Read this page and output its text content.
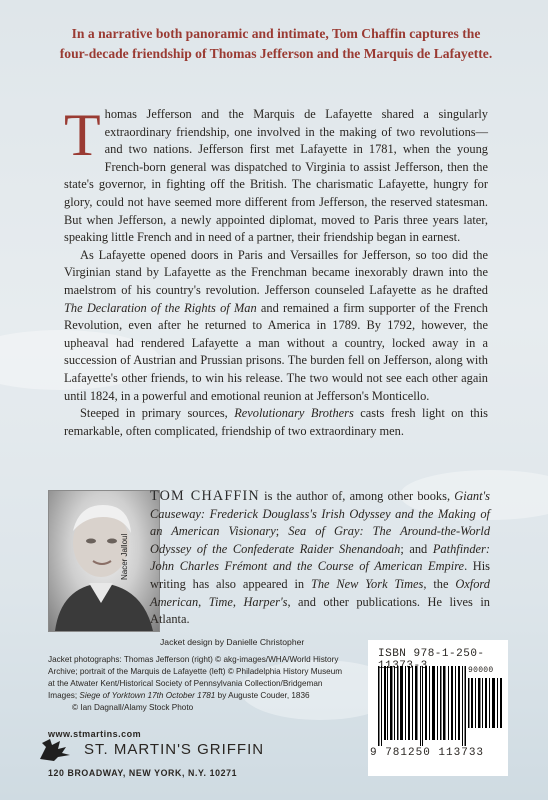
In a narrative both panoramic and intimate, Tom Chaffin captures the four-decade friendship of Thomas Jefferson and the Marquis de Lafayette.

Thomas Jefferson and the Marquis de Lafayette shared a singularly extraordinary friendship, one involved in the making of two revolutions—and two nations. Jefferson first met Lafayette in 1781, when the young French-born general was dispatched to Virginia to assist Jefferson, then the state's governor, in fighting off the British. The charismatic Lafayette, hungry for glory, could not have seemed more different from Jefferson, the reserved statesman. But when Jefferson, a newly appointed diplomat, moved to Paris three years later, speaking little French and in need of a partner, their friendship began in earnest.

As Lafayette opened doors in Paris and Versailles for Jefferson, so too did the Virginian stand by Lafayette as the Frenchman became inexorably drawn into the maelstrom of his country's revolution. Jefferson counseled Lafayette as he drafted The Declaration of the Rights of Man and remained a firm supporter of the French Revolution, even after he returned to America in 1789. By 1792, however, the upheaval had rendered Lafayette a man without a country, locked away in a succession of Austrian and Prussian prisons. The burden fell on Jefferson, along with Lafayette's other friends, to win his release. The two would not see each other again until 1824, in a powerful and emotional reunion at Jefferson's Monticello.

Steeped in primary sources, Revolutionary Brothers casts fresh light on this remarkable, often complicated, friendship of two extraordinary men.

Nacer Jalloul

TOM CHAFFIN is the author of, among other books, Giant's Causeway: Frederick Douglass's Irish Odyssey and the Making of an American Visionary; Sea of Gray: The Around-the-World Odyssey of the Confederate Raider Shenandoah; and Pathfinder: John Charles Frémont and the Course of American Empire. His writing has also appeared in The New York Times, the Oxford American, Time, Harper's, and other publications. He lives in Atlanta.

Jacket design by Danielle Christopher

Jacket photographs: Thomas Jefferson (right) © akg-images/WHA/World History Archive; portrait of the Marquis de Lafayette (left) © Philadelphia History Museum at the Atwater Kent/Historical Society of Pennsylvania Collection/Bridgeman Images; Siege of Yorktown 17th October 1781 by Auguste Couder, 1836
© Ian Dagnall/Alamy Stock Photo

www.stmartins.com
ST. MARTIN'S GRIFFIN
120 BROADWAY, NEW YORK, N.Y. 10271
ISBN 978-1-250-1137 -3	90000
9 781250 113733
